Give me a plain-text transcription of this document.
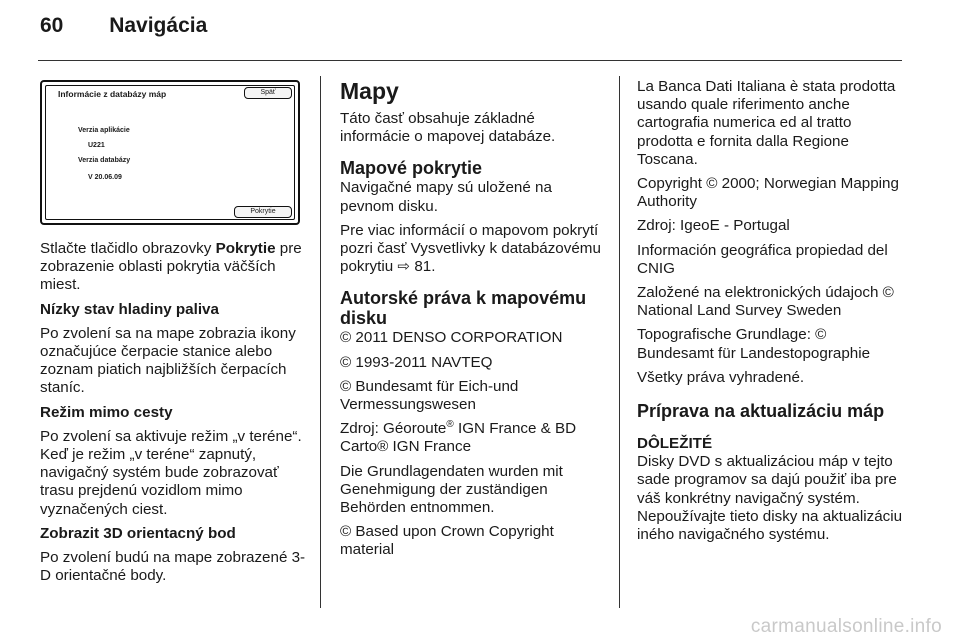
60 Navigácia
Informácie z databázy máp	Späť
Verzia aplikácie
U221
Verzia databázy
V 20.06.09
Pokrytie

Stlačte tlačidlo obrazovky Pokrytie pre zobrazenie oblasti pokrytia väčších miest.

Nízky stav hladiny paliva

Po zvolení sa na mape zobrazia ikony označujúce čerpacie stanice alebo zoznam piatich najbližších čerpacích staníc.

Režim mimo cesty

Po zvolení sa aktivuje režim „v teréne“. Keď je režim „v teréne“ zapnutý, navigačný systém bude zobrazovať trasu prejdenú vozidlom mimo vyznačených ciest.

Zobrazit 3D orientacný bod

Po zvolení budú na mape zobrazené 3-D orientačné body.

Mapy

Táto časť obsahuje základné informácie o mapovej databáze.

Mapové pokrytie

Navigačné mapy sú uložené na pevnom disku.

Pre viac informácií o mapovom pokrytí pozri časť Vysvetlivky k databázovému pokrytiu ⇨ 81.

Autorské práva k mapovému disku

© 2011 DENSO CORPORATION

© 1993-2011 NAVTEQ

© Bundesamt für Eich-und Vermessungswesen

Zdroj: Géoroute® IGN France & BD Carto® IGN France

Die Grundlagendaten wurden mit Genehmigung der zuständigen Behörden entnommen.

© Based upon Crown Copyright material

La Banca Dati Italiana è stata prodotta usando quale riferimento anche cartografia numerica ed al tratto prodotta e fornita dalla Regione Toscana.

Copyright © 2000; Norwegian Mapping Authority

Zdroj: IgeoE - Portugal

Información geográfica propiedad del CNIG

Založené na elektronických údajoch © National Land Survey Sweden

Topografische Grundlage: © Bundesamt für Landestopographie

Všetky práva vyhradené.

Príprava na aktualizáciu máp

DÔLEŽITÉ

Disky DVD s aktualizáciou máp v tejto sade programov sa dajú použiť iba pre váš konkrétny navigačný systém. Nepoužívajte tieto disky na aktualizáciu iného navigačného systému.

carmanualsonline.info
